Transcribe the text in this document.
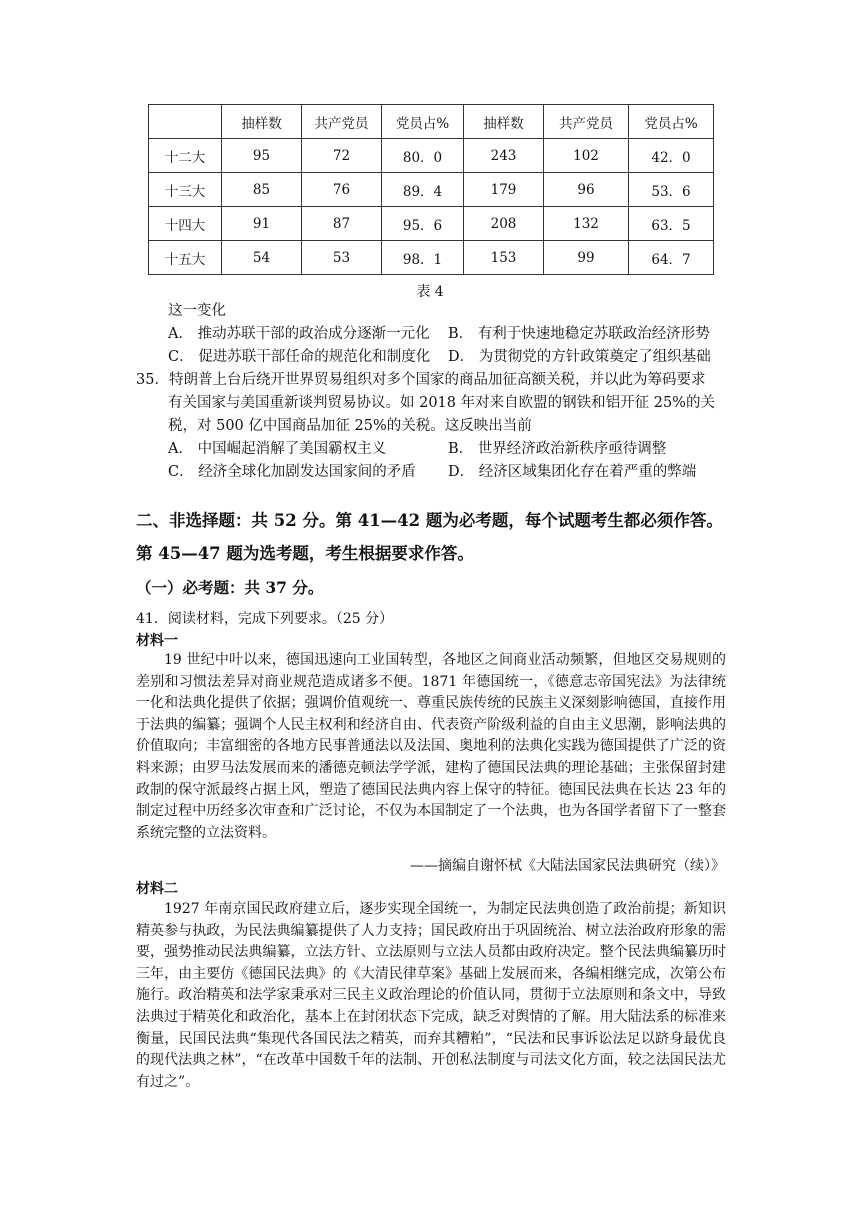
	抽样数	共产党员	党员占%	抽样数	共产党员	党员占%
十二大	95	72	80．0	243	102	42．0
十三大	85	76	89．4	179	96	53．6
十四大	91	87	95．6	208	132	63．5
十五大	54	53	98．1	153	99	64．7
表 4
这一变化
A． 推动苏联干部的政治成分逐渐一元化 B． 有利于快速地稳定苏联政治经济形势
C． 促进苏联干部任命的规范化和制度化 D． 为贯彻党的方针政策奠定了组织基础
35．特朗普上台后绕开世界贸易组织对多个国家的商品加征高额关税，并以此为筹码要求
有关国家与美国重新谈判贸易协议。如 2018 年对来自欧盟的钢铁和铝开征 25%的关
税，对 500 亿中国商品加征 25%的关税。这反映出当前
A． 中国崛起消解了美国霸权主义	B． 世界经济政治新秩序亟待调整
C． 经济全球化加剧发达国家间的矛盾 D． 经济区域集团化存在着严重的弊端
二、非选择题：共 52 分。第 41—42 题为必考题，每个试题考生都必须作答。
第 45—47 题为选考题，考生根据要求作答。
（一）必考题：共 37 分。
41．阅读材料，完成下列要求。（25 分）
材料一
19 世纪中叶以来，德国迅速向工业国转型，各地区之间商业活动频繁，但地区交易规则的差别和习惯法差异对商业规范造成诸多不便。1871 年德国统一，《德意志帝国宪法》为法律统一化和法典化提供了依据；强调价值观统一、尊重民族传统的民族主义深刻影响德国，直接作用于法典的编纂；强调个人民主权利和经济自由、代表资产阶级利益的自由主义思潮，影响法典的价值取向；丰富细密的各地方民事普通法以及法国、奥地利的法典化实践为德国提供了广泛的资料来源；由罗马法发展而来的潘德克顿法学学派，建构了德国民法典的理论基础；主张保留封建政制的保守派最终占据上风，塑造了德国民法典内容上保守的特征。德国民法典在长达 23 年的制定过程中历经多次审查和广泛讨论，不仅为本国制定了一个法典，也为各国学者留下了一整套系统完整的立法资料。
——摘编自谢怀栻《大陆法国家民法典研究（续）》
材料二
1927 年南京国民政府建立后，逐步实现全国统一，为制定民法典创造了政治前提；新知识精英参与执政，为民法典编纂提供了人力支持；国民政府出于巩固统治、树立法治政府形象的需要，强势推动民法典编纂，立法方针、立法原则与立法人员都由政府决定。整个民法典编纂历时三年，由主要仿《德国民法典》的《大清民律草案》基础上发展而来，各编相继完成，次第公布施行。政治精英和法学家秉承对三民主义政治理论的价值认同，贯彻于立法原则和条文中，导致法典过于精英化和政治化，基本上在封闭状态下完成，缺乏对舆情的了解。用大陆法系的标准来衡量，民国民法典“集现代各国民法之精英，而弃其糟粕”，“民法和民事诉讼法足以跻身最优良的现代法典之林”，“在改革中国数千年的法制、开创私法制度与司法文化方面，较之法国民法尤有过之”。
